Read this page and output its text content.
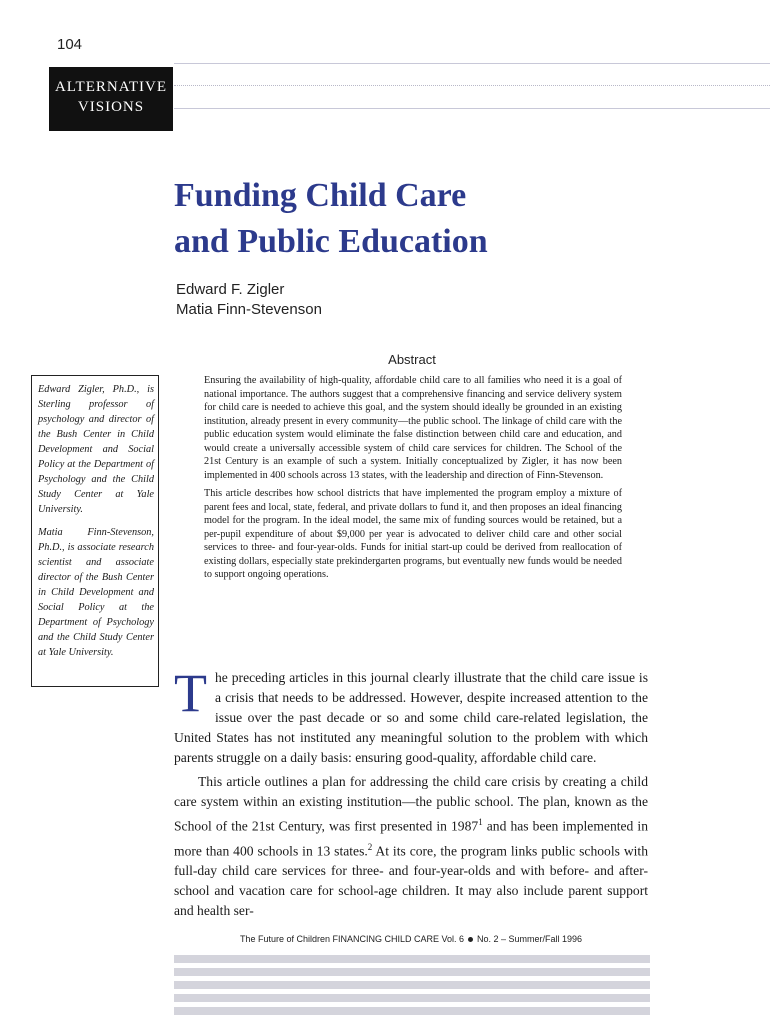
104
ALTERNATIVE
VISIONS
Funding Child Care
and Public Education
Edward F. Zigler
Matia Finn-Stevenson
Abstract

Ensuring the availability of high-quality, affordable child care to all families who need it is a goal of national importance. The authors suggest that a comprehensive financing and service delivery system for child care is needed to achieve this goal, and the system should ideally be grounded in an existing institution, already present in every community—the public school. The linkage of child care with the public education system would eliminate the false distinction between child care and education, and would create a universally accessible system of child care services for children. The School of the 21st Century is an example of such a system. Initially conceptualized by Zigler, it has now been implemented in 400 schools across 13 states, with the leadership and direction of Finn-Stevenson.

This article describes how school districts that have implemented the program employ a mixture of parent fees and local, state, federal, and private dollars to fund it, and then proposes an ideal financing model for the program. In the ideal model, the same mix of funding sources would be retained, but a per-pupil expenditure of about $9,000 per year is advocated to deliver child care and other social services to three- and four-year-olds. Funds for initial start-up could be derived from reallocation of existing dollars, especially state prekindergarten programs, but eventually new funds would be needed to support ongoing operations.

Edward Zigler, Ph.D., is Sterling professor of psychology and director of the Bush Center in Child Development and Social Policy at the Department of Psychology and the Child Study Center at Yale University.

Matia Finn-Stevenson, Ph.D., is associate research scientist and associate director of the Bush Center in Child Development and Social Policy at the Department of Psychology and the Child Study Center at Yale University.

The preceding articles in this journal clearly illustrate that the child care issue is a crisis that needs to be addressed. However, despite increased attention to the issue over the past decade or so and some child care-related legislation, the United States has not instituted any meaningful solution to the problem with which parents struggle on a daily basis: ensuring good-quality, affordable child care.

This article outlines a plan for addressing the child care crisis by creating a child care system within an existing institution—the public school. The plan, known as the School of the 21st Century, was first presented in 1987$^1$ and has been implemented in more than 400 schools in 13 states.$^2$ At its core, the program links public schools with full-day child care services for three- and four-year-olds and with before- and after-school and vacation care for school-age children. It may also include parent support and health ser-

The Future of Children FINANCING CHILD CARE Vol. 6 No. 2 – Summer/Fall 1996
